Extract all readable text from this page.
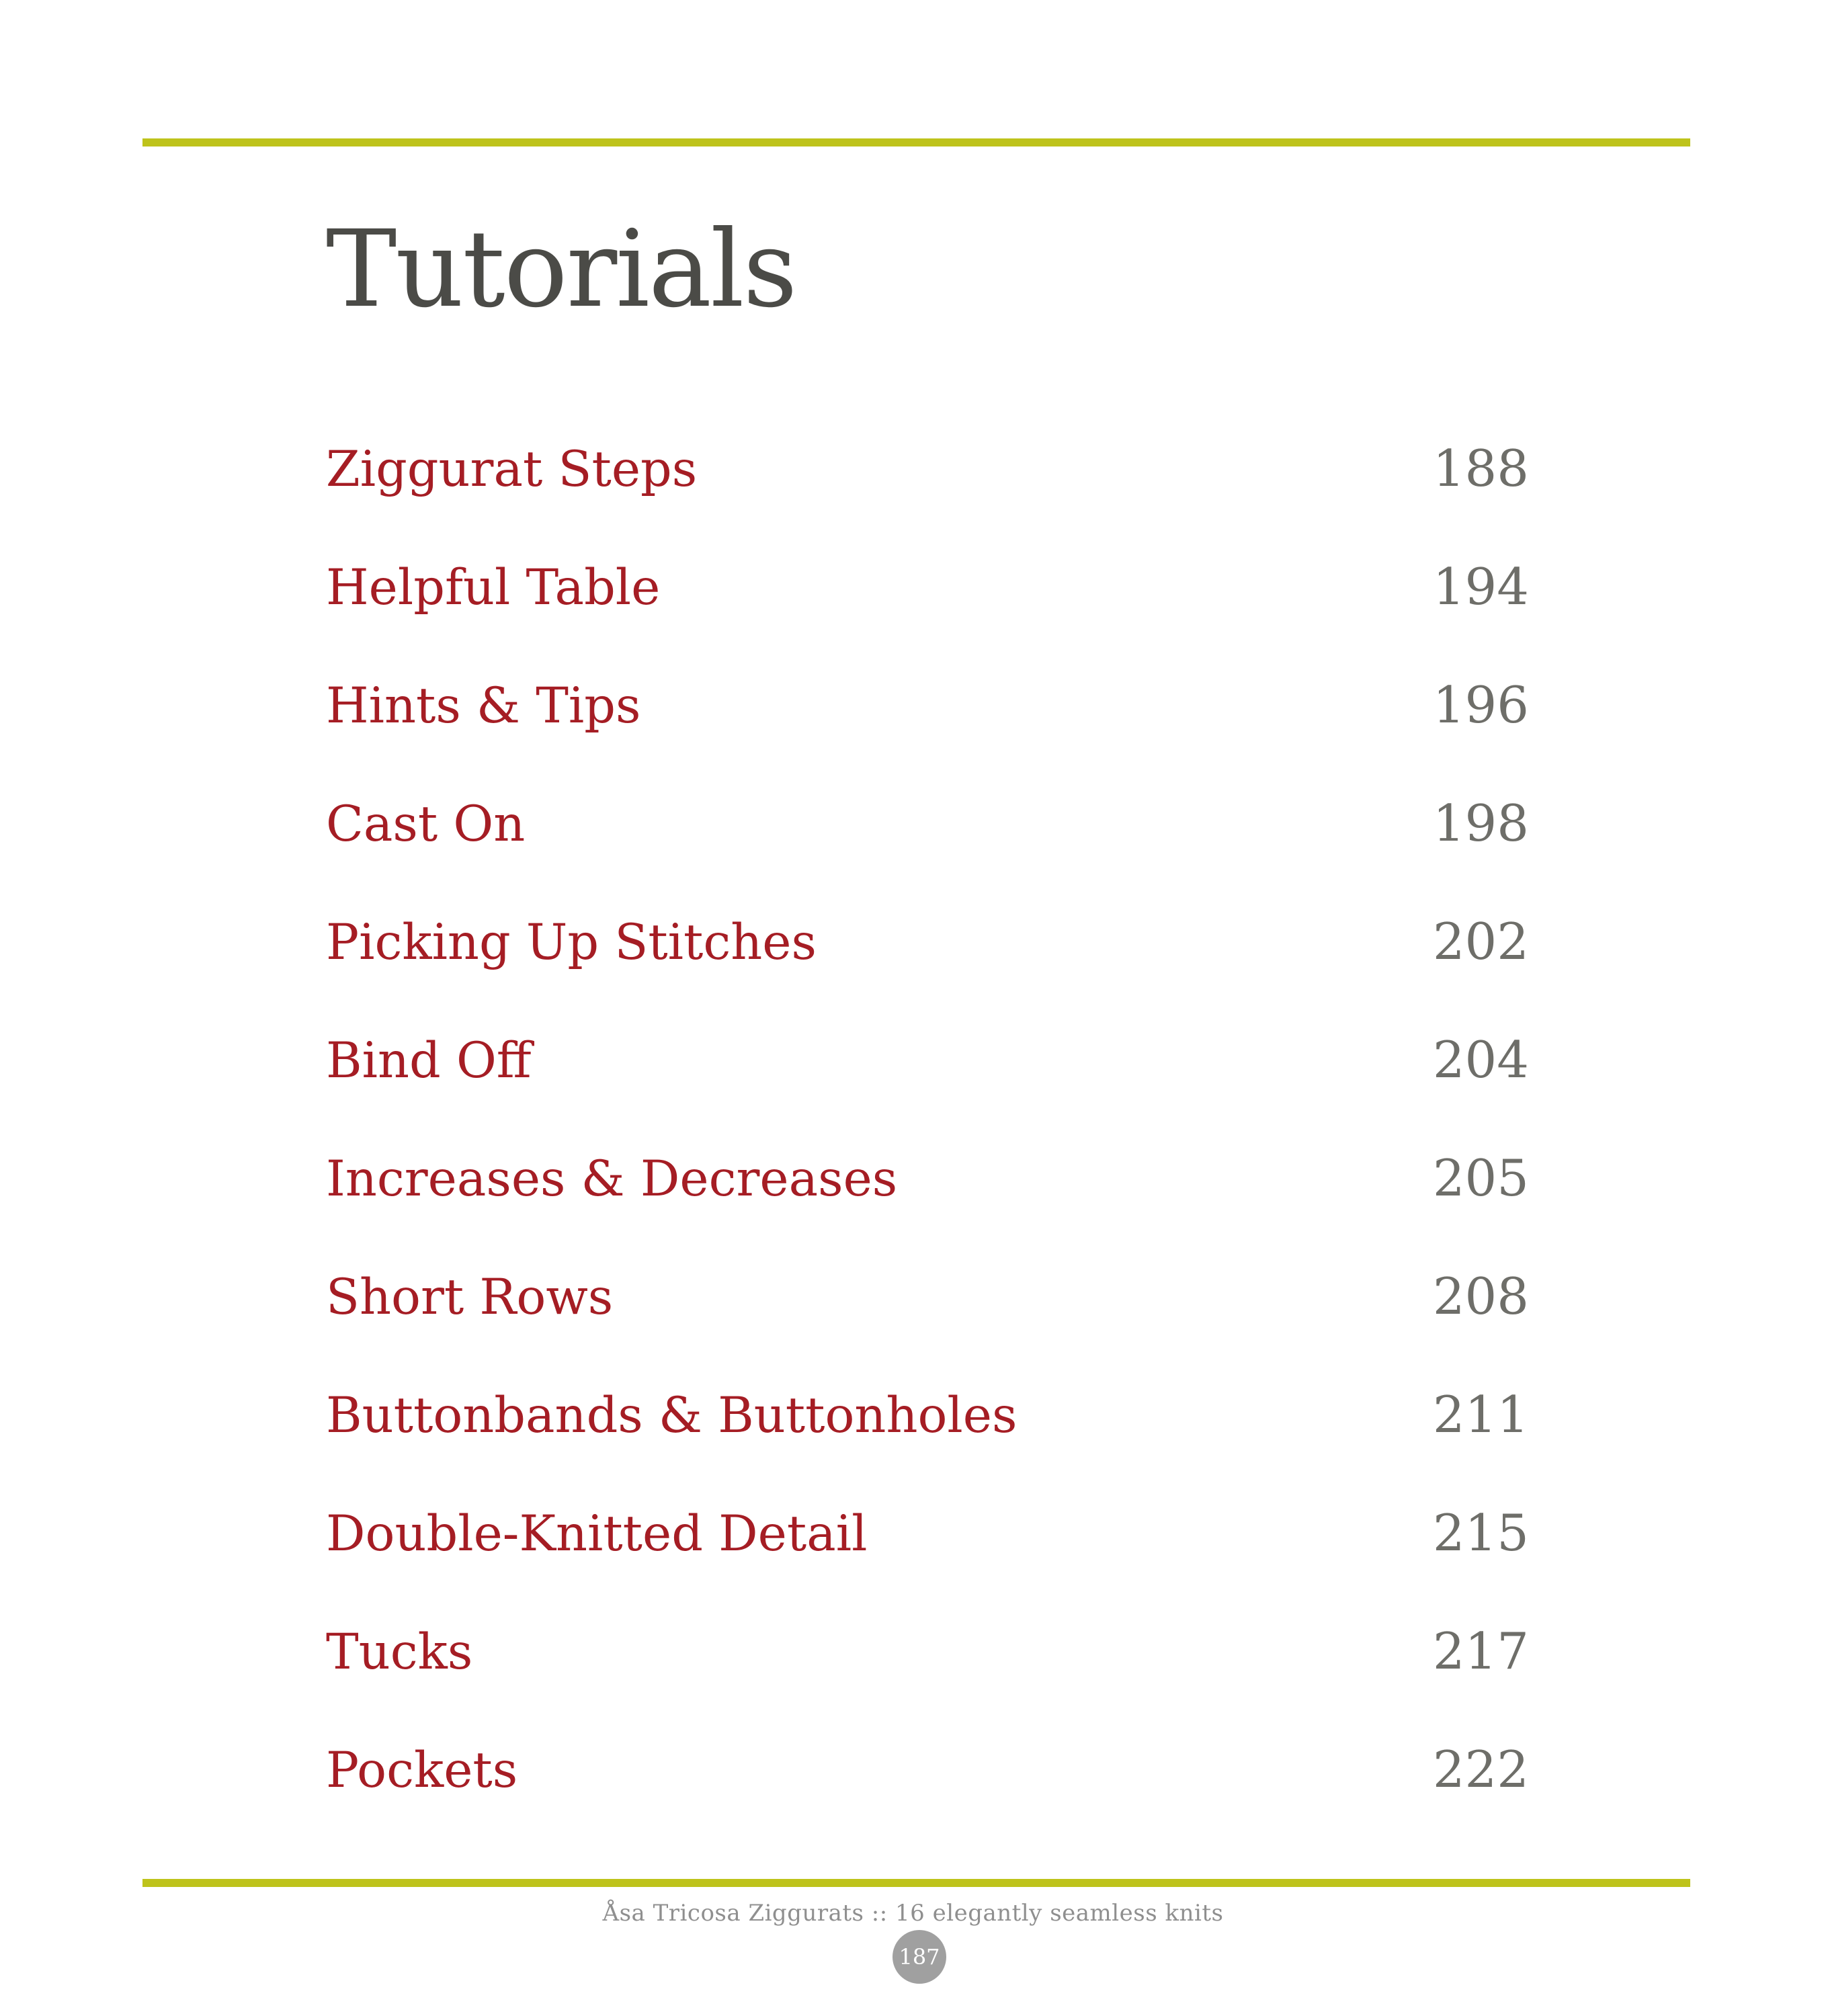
Tutorials
Ziggurat Steps	188
Helpful Table	194
Hints & Tips	196
Cast On	198
Picking Up Stitches	202
Bind Off	204
Increases & Decreases	205
Short Rows	208
Buttonbands & Buttonholes	211
Double-Knitted Detail	215
Tucks	217
Pockets	222
Åsa Tricosa Ziggurats :: 16 elegantly seamless knits
187
